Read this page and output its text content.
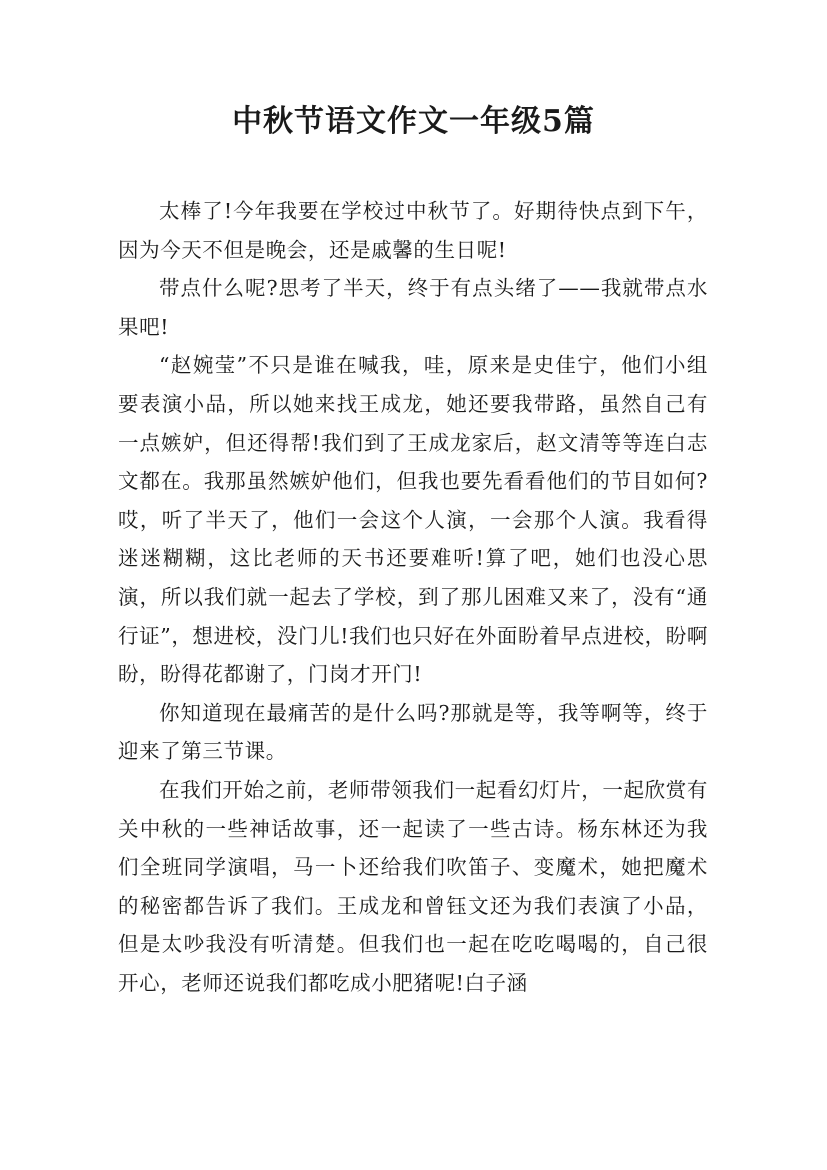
中秋节语文作文一年级5篇

太棒了!今年我要在学校过中秋节了。好期待快点到下午，因为今天不但是晚会，还是戚馨的生日呢!

带点什么呢?思考了半天，终于有点头绪了——我就带点水果吧!

“赵婉莹”不只是谁在喊我，哇，原来是史佳宁，他们小组要表演小品，所以她来找王成龙，她还要我带路，虽然自己有一点嫉妒，但还得帮!我们到了王成龙家后，赵文清等等连白志文都在。我那虽然嫉妒他们，但我也要先看看他们的节目如何?哎，听了半天了，他们一会这个人演，一会那个人演。我看得迷迷糊糊，这比老师的天书还要难听!算了吧，她们也没心思演，所以我们就一起去了学校，到了那儿困难又来了，没有“通行证”，想进校，没门儿!我们也只好在外面盼着早点进校，盼啊盼，盼得花都谢了，门岗才开门!

你知道现在最痛苦的是什么吗?那就是等，我等啊等，终于迎来了第三节课。

在我们开始之前，老师带领我们一起看幻灯片，一起欣赏有关中秋的一些神话故事，还一起读了一些古诗。杨东林还为我们全班同学演唱，马一卜还给我们吹笛子、变魔术，她把魔术的秘密都告诉了我们。王成龙和曾钰文还为我们表演了小品，但是太吵我没有听清楚。但我们也一起在吃吃喝喝的，自己很开心，老师还说我们都吃成小肥猪呢!白子涵
